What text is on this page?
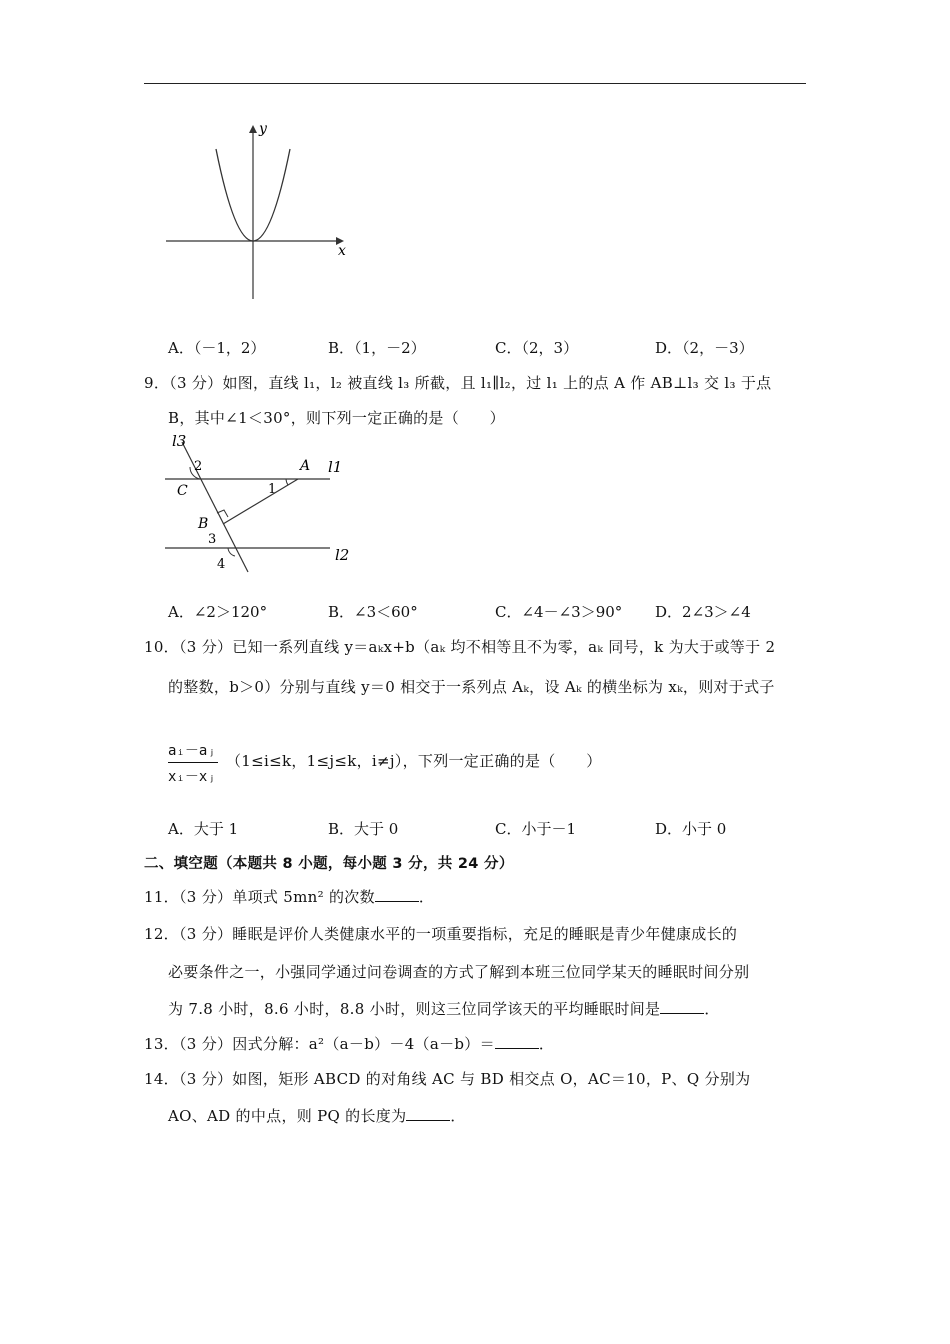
x
y
A．（－1，2）	B．（1，－2）	C．（2，3）	D．（2，－3）
9．（3 分）如图，直线 l₁，l₂ 被直线 l₃ 所截，且 l₁∥l₂，过 l₁ 上的点 A 作 AB⊥l₃ 交 l₃ 于点
B，其中∠1＜30°，则下列一定正确的是（　　）
l3
l1
l2
A
B
C	1
2
3
4
A．∠2＞120°	B．∠3＜60°	C．∠4－∠3＞90° D．2∠3＞∠4
10．（3 分）已知一系列直线 y＝aₖx+b（aₖ 均不相等且不为零，aₖ 同号，k 为大于或等于 2
的整数，b＞0）分别与直线 y＝0 相交于一系列点 Aₖ，设 Aₖ 的横坐标为 xₖ，则对于式子
$\frac{\text{aᵢ－aⱼ}}{\text{xᵢ－xⱼ}} (1\le i\le k$，1≤j≤k，i≠j），下列一定正确的是（　　）
A．大于 1	B．大于 0	C．小于－1	D．小于 0
二、填空题（本题共 8 小题，每小题 3 分，共 24 分）
11．（3 分）单项式 5mn² 的次数	．
12．（3 分）睡眠是评价人类健康水平的一项重要指标，充足的睡眠是青少年健康成长的
必要条件之一，小强同学通过问卷调查的方式了解到本班三位同学某天的睡眠时间分别
为 7.8 小时，8.6 小时，8.8 小时，则这三位同学该天的平均睡眠时间是	．
13．（3 分）因式分解：a²（a－b）－4（a－b）＝	．
14．（3 分）如图，矩形 ABCD 的对角线 AC 与 BD 相交点 O，AC＝10，P、Q 分别为
AO、AD 的中点，则 PQ 的长度为	．
